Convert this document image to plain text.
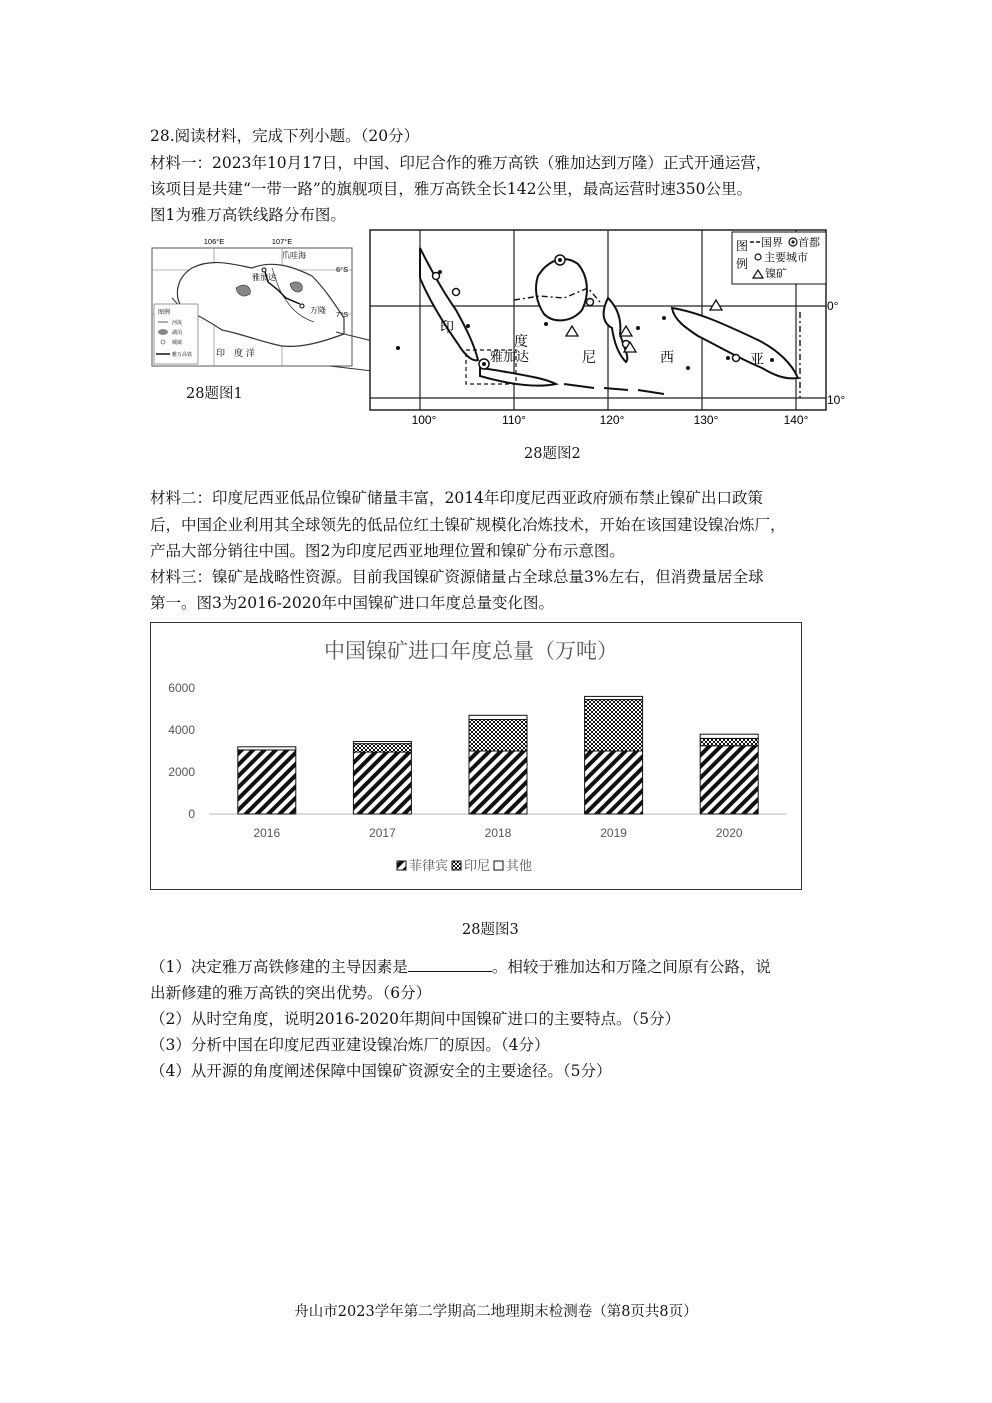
28.阅读材料，完成下列小题。（20分）
材料一：2023年10月17日，中国、印尼合作的雅万高铁（雅加达到万隆）正式开通运营，
该项目是共建“一带一路”的旗舰项目，雅万高铁全长142公里，最高运营时速350公里。
图1为雅万高铁线路分布图。
106°E	107°E
6°S
7°S
爪哇海
雅加达
万隆
印　度 洋
图例
河流
湖泊
城镇
雅万高铁
28题图1
印
度
尼	西	亚
雅加达
图
例
国界 首都
主要城市
镍矿
100°	110°	120°	130°	140°
0°
10°
28题图2
材料二：印度尼西亚低品位镍矿储量丰富，2014年印度尼西亚政府颁布禁止镍矿出口政策
后，中国企业利用其全球领先的低品位红土镍矿规模化冶炼技术，开始在该国建设镍冶炼厂，
产品大部分销往中国。图2为印度尼西亚地理位置和镍矿分布示意图。
材料三：镍矿是战略性资源。目前我国镍矿资源储量占全球总量3%左右，但消费量居全球
第一。图3为2016-2020年中国镍矿进口年度总量变化图。
中国镍矿进口年度总量（万吨）
0
2000
4000
6000
2016	2017	2018	2019	2020
菲律宾 印尼 其他
28题图3
（1）决定雅万高铁修建的主导因素是	。相较于雅加达和万隆之间原有公路，说
出新修建的雅万高铁的突出优势。（6分）
（2）从时空角度，说明2016-2020年期间中国镍矿进口的主要特点。（5分）
（3）分析中国在印度尼西亚建设镍冶炼厂的原因。（4分）
（4）从开源的角度阐述保障中国镍矿资源安全的主要途径。（5分）
舟山市2023学年第二学期高二地理期末检测卷（第8页共8页）
